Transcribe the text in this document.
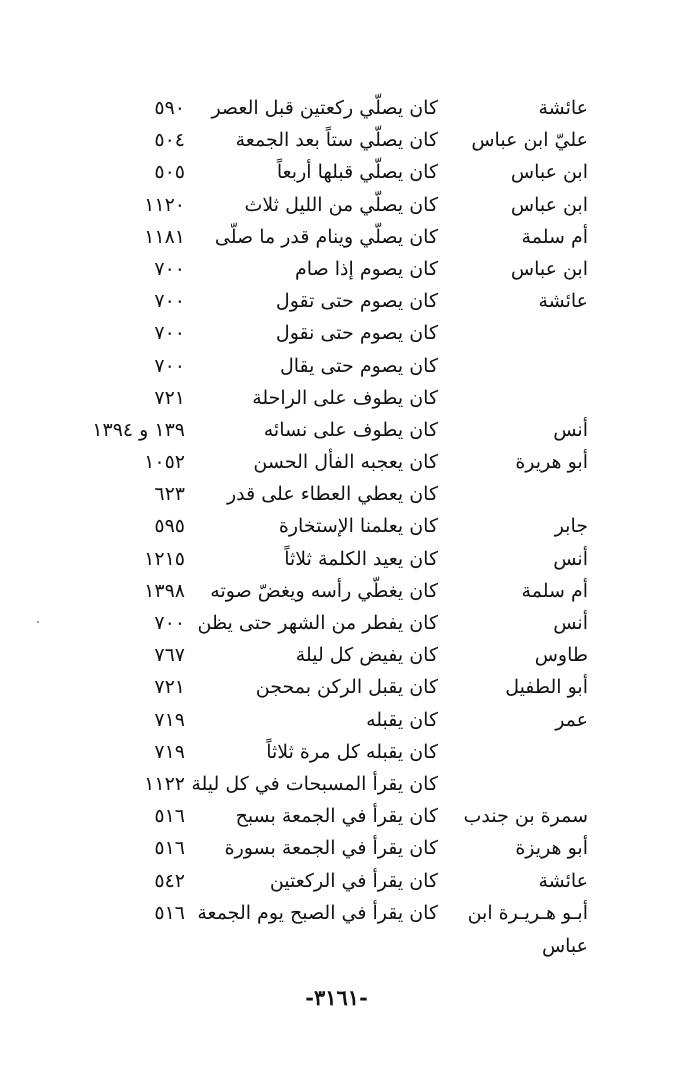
عائشة
كان يصلّي ركعتين قبل العصر
٥٩٠
عليّ ابن عباس
كان يصلّي ستاً بعد الجمعة
٥٠٤
ابن عباس
كان يصلّي قبلها أربعاً
٥٠٥
ابن عباس
كان يصلّي من الليل ثلاث
١١٢٠
أم سلمة
كان يصلّي وينام قدر ما صلّى
١١٨١
ابن عباس
كان يصوم إذا صام
٧٠٠
عائشة
كان يصوم حتى تقول
٧٠٠
كان يصوم حتى نقول
٧٠٠
كان يصوم حتى يقال
٧٠٠
كان يطوف على الراحلة
٧٢١
أنس
كان يطوف على نسائه
١٣٩ و ١٣٩٤
أبو هريرة
كان يعجبه الفأل الحسن
١٠٥٢
كان يعطي العطاء على قدر
٦٢٣
جابر
كان يعلمنا الإستخارة
٥٩٥
أنس
كان يعيد الكلمة ثلاثاً
١٢١٥
أم سلمة
كان يغطّي رأسه ويغضّ صوته
١٣٩٨
أنس
كان يفطر من الشهر حتى يظن
٧٠٠
طاوس
كان يفيض كل ليلة
٧٦٧
أبو الطفيل
كان يقبل الركن بمحجن
٧٢١
عمر
كان يقبله
٧١٩
كان يقبله كل مرة ثلاثاً
٧١٩
كان يقرأ المسبحات في كل ليلة
١١٢٢
سمرة بن جندب
كان يقرأ في الجمعة بسبح
٥١٦
أبو هريزة
كان يقرأ في الجمعة بسورة
٥١٦
عائشة
كان يقرأ في الركعتين
٥٤٢
أبـو هـريـرة ابن
كان يقرأ في الصبح يوم الجمعة
٥١٦
عباس
-٣١٦١-
